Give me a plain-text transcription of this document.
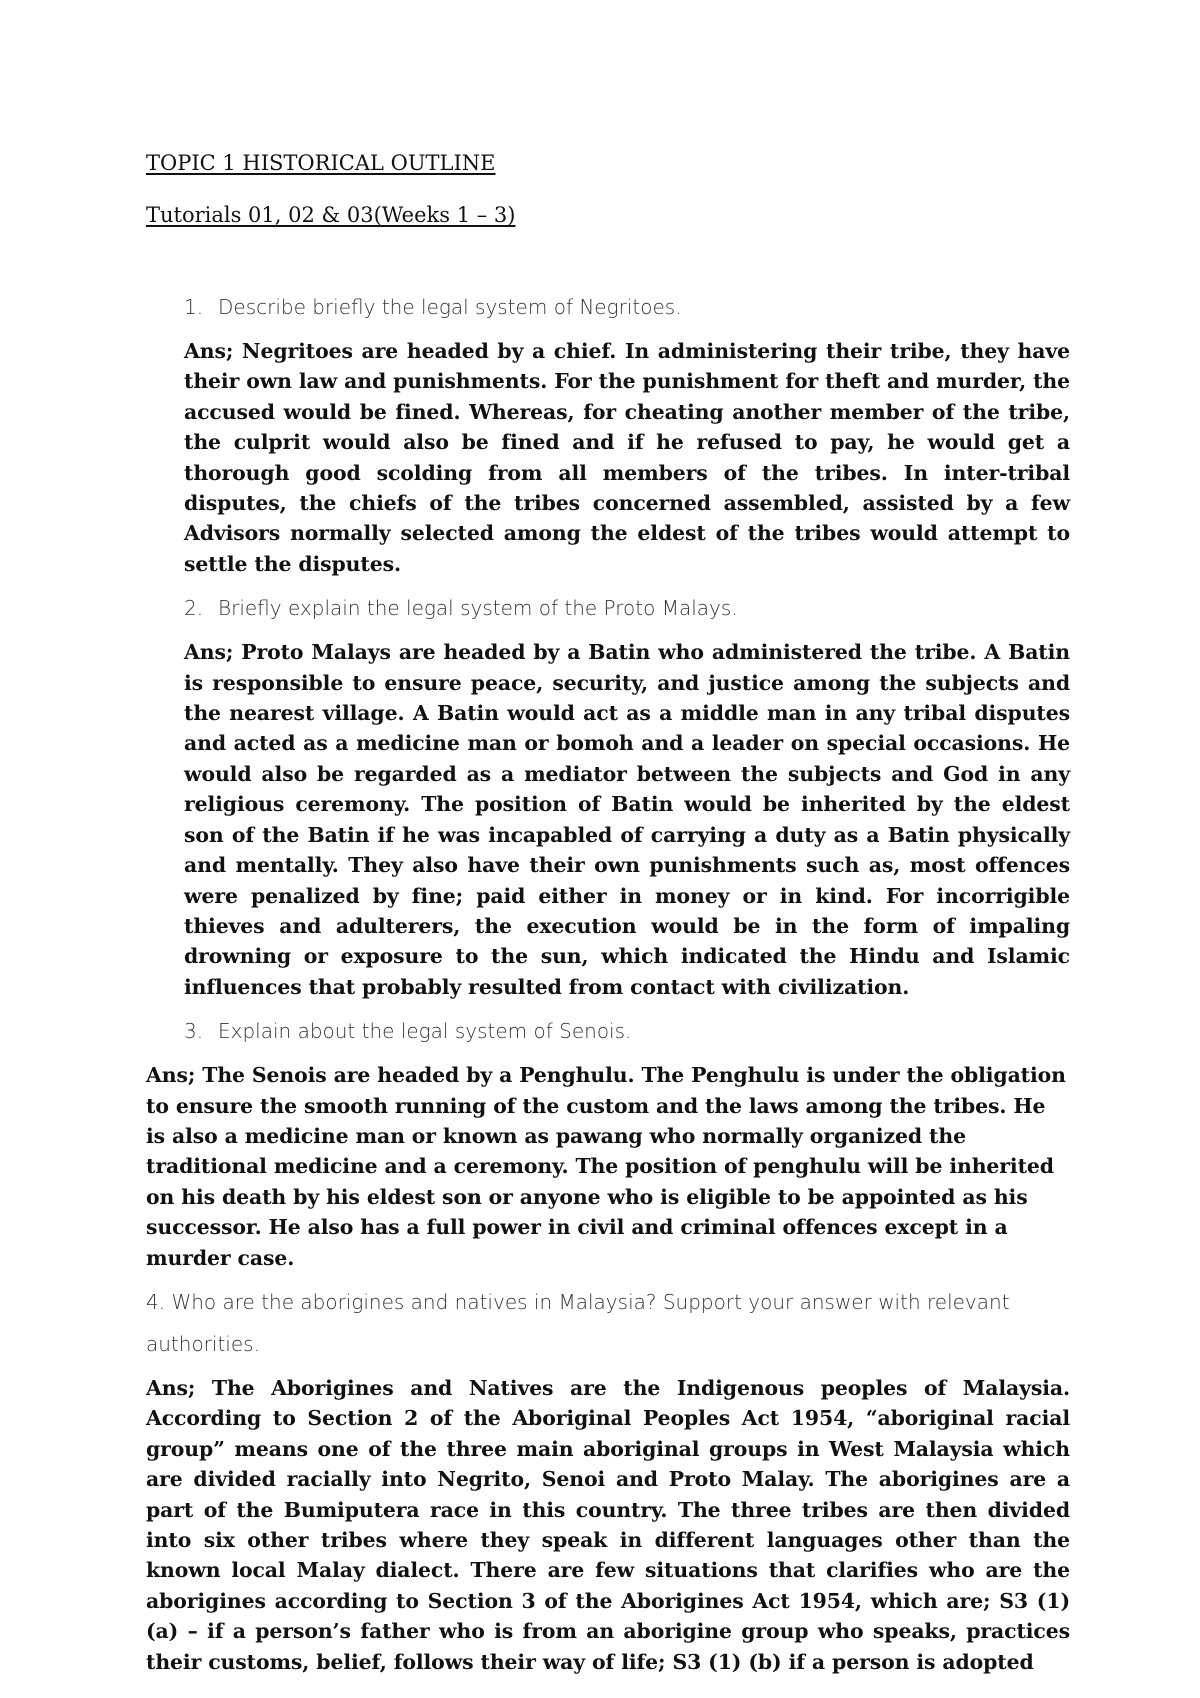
TOPIC 1 HISTORICAL OUTLINE

Tutorials 01, 02 & 03(Weeks 1 – 3)

1. Describe briefly the legal system of Negritoes.

Ans; Negritoes are headed by a chief. In administering their tribe, they have their own law and punishments. For the punishment for theft and murder, the accused would be fined. Whereas, for cheating another member of the tribe, the culprit would also be fined and if he refused to pay, he would get a thorough good scolding from all members of the tribes. In inter-tribal disputes, the chiefs of the tribes concerned assembled, assisted by a few Advisors normally selected among the eldest of the tribes would attempt to settle the disputes.

2. Briefly explain the legal system of the Proto Malays.

Ans; Proto Malays are headed by a Batin who administered the tribe. A Batin is responsible to ensure peace, security, and justice among the subjects and the nearest village. A Batin would act as a middle man in any tribal disputes and acted as a medicine man or bomoh and a leader on special occasions. He would also be regarded as a mediator between the subjects and God in any religious ceremony. The position of Batin would be inherited by the eldest son of the Batin if he was incapabled of carrying a duty as a Batin physically and mentally. They also have their own punishments such as, most offences were penalized by fine; paid either in money or in kind. For incorrigible thieves and adulterers, the execution would be in the form of impaling drowning or exposure to the sun, which indicated the Hindu and Islamic influences that probably resulted from contact with civilization.

3. Explain about the legal system of Senois.

Ans; The Senois are headed by a Penghulu. The Penghulu is under the obligation to ensure the smooth running of the custom and the laws among the tribes. He is also a medicine man or known as pawang who normally organized the traditional medicine and a ceremony. The position of penghulu will be inherited on his death by his eldest son or anyone who is eligible to be appointed as his successor. He also has a full power in civil and criminal offences except in a murder case.

4. Who are the aborigines and natives in Malaysia? Support your answer with relevant

authorities.

Ans; The Aborigines and Natives are the Indigenous peoples of Malaysia. According to Section 2 of the Aboriginal Peoples Act 1954, “aboriginal racial group” means one of the three main aboriginal groups in West Malaysia which are divided racially into Negrito, Senoi and Proto Malay. The aborigines are a part of the Bumiputera race in this country. The three tribes are then divided into six other tribes where they speak in different languages other than the known local Malay dialect. There are few situations that clarifies who are the aborigines according to Section 3 of the Aborigines Act 1954, which are; S3 (1)(a) – if a person’s father who is from an aborigine group who speaks, practices their customs, belief, follows their way of life; S3 (1) (b) if a person is adopted
